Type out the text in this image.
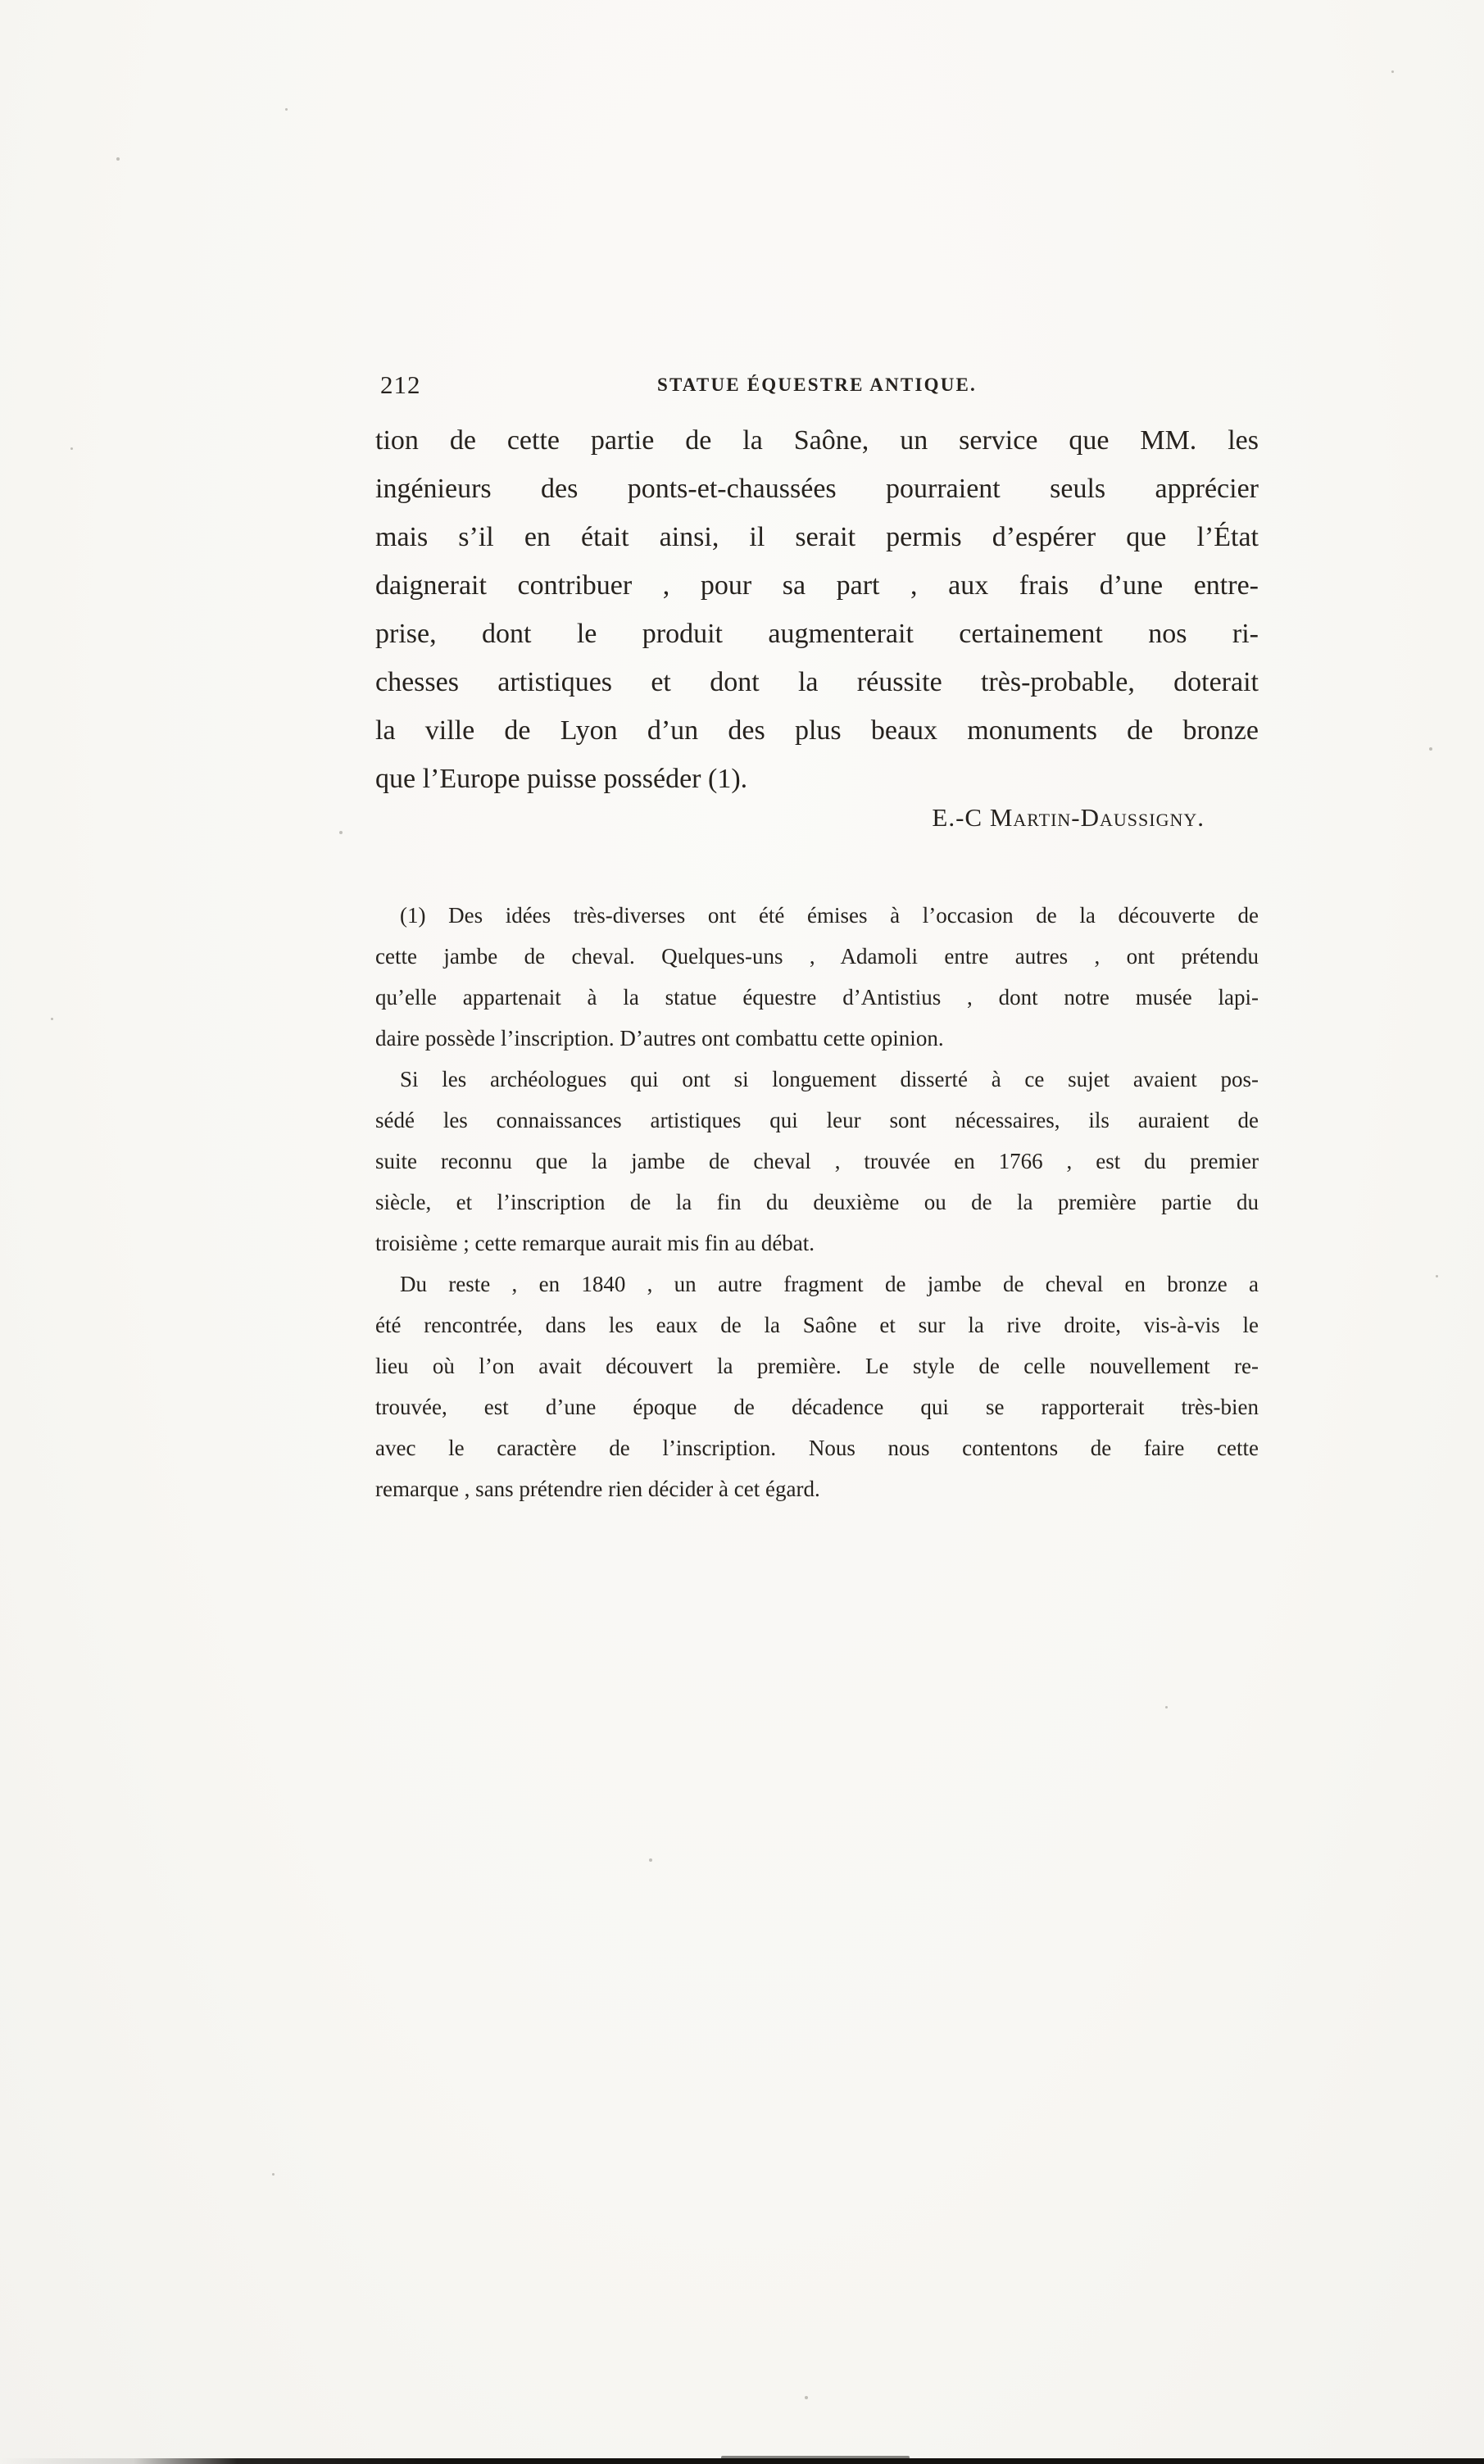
212	STATUE ÉQUESTRE ANTIQUE.
tion de cette partie de la Saône, un service que MM. les
ingénieurs des ponts-et-chaussées pourraient seuls apprécier
mais s’il en était ainsi, il serait permis d’espérer que l’État
daignerait contribuer , pour sa part , aux frais d’une entre-
prise, dont le produit augmenterait certainement nos ri-
chesses artistiques et dont la réussite très-probable, doterait
la ville de Lyon d’un des plus beaux monuments de bronze
que l’Europe puisse posséder (1).
E.-C Martin-Daussigny.
(1) Des idées très-diverses ont été émises à l’occasion de la découverte de
cette jambe de cheval. Quelques-uns , Adamoli entre autres , ont prétendu
qu’elle appartenait à la statue équestre d’Antistius , dont notre musée lapi-
daire possède l’inscription. D’autres ont combattu cette opinion.
Si les archéologues qui ont si longuement disserté à ce sujet avaient pos-
sédé les connaissances artistiques qui leur sont nécessaires, ils auraient de
suite reconnu que la jambe de cheval , trouvée en 1766 , est du premier
siècle, et l’inscription de la fin du deuxième ou de la première partie du
troisième ; cette remarque aurait mis fin au débat.
Du reste , en 1840 , un autre fragment de jambe de cheval en bronze a
été rencontrée, dans les eaux de la Saône et sur la rive droite, vis-à-vis le
lieu où l’on avait découvert la première. Le style de celle nouvellement re-
trouvée, est d’une époque de décadence qui se rapporterait très-bien
avec le caractère de l’inscription. Nous nous contentons de faire cette
remarque , sans prétendre rien décider à cet égard.
